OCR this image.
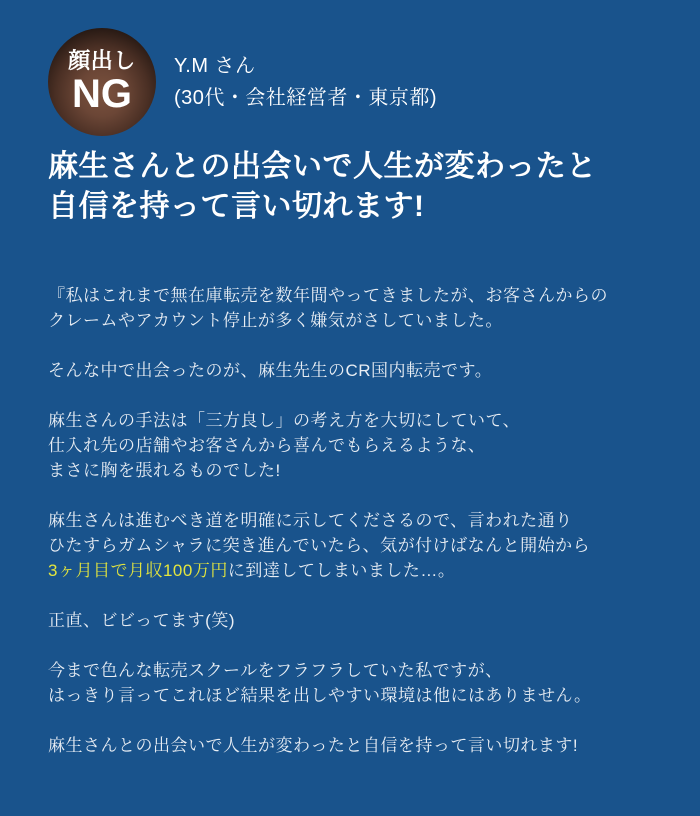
顔出し
NG
Y.M さん
(30代・会社経営者・東京都)
麻生さんとの出会いで人生が変わったと
自信を持って言い切れます!
『私はこれまで無在庫転売を数年間やってきましたが、お客さんからの
クレームやアカウント停止が多く嫌気がさしていました。
そんな中で出会ったのが、麻生先生のCR国内転売です。
麻生さんの手法は「三方良し」の考え方を大切にしていて、
仕入れ先の店舗やお客さんから喜んでもらえるような、
まさに胸を張れるものでした!
麻生さんは進むべき道を明確に示してくださるので、言われた通り
ひたすらガムシャラに突き進んでいたら、気が付けばなんと開始から
3ヶ月目で月収100万円に到達してしまいました…。
正直、ビビってます(笑)
今まで色んな転売スクールをフラフラしていた私ですが、
はっきり言ってこれほど結果を出しやすい環境は他にはありません。
麻生さんとの出会いで人生が変わったと自信を持って言い切れます!
